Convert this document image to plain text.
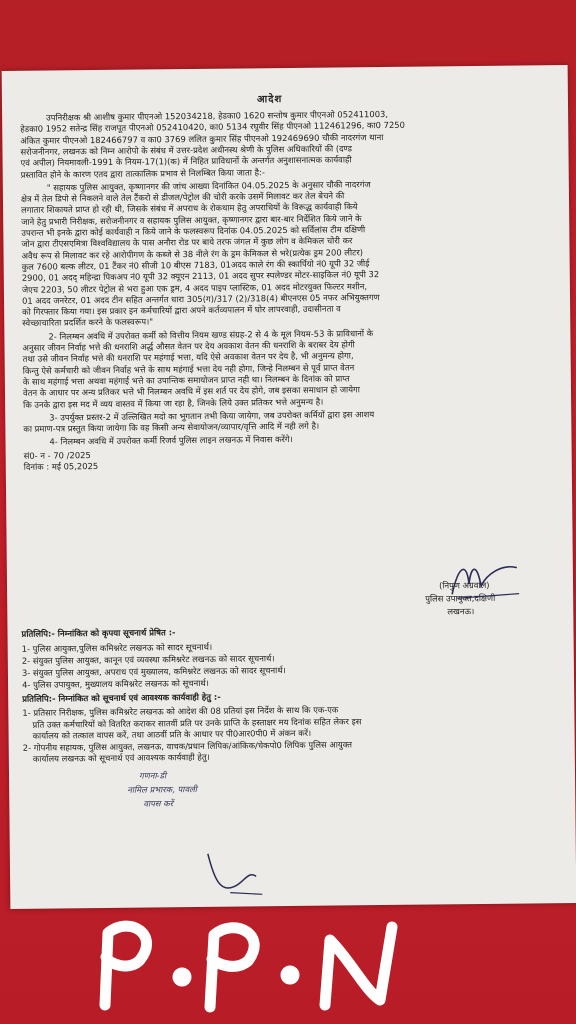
आदेश
उपनिरीक्षक श्री आशीष कुमार पीएनओ 152034218, हेडका0 1620 सन्तोष कुमार पीएनओ 052411003,
हेडका0 1952 सतेन्द्र सिंह राजपूत पीएनओ 052410420, का0 5134 रघुवीर सिंह पीएनओ 112461296, का0 7250
अंकित कुमार पीएनओ 182466797 व का0 3769 ललित कुमार सिंह पीएनओ 192469690 चौकी नादरगंज थाना
सरोजनीनगर, लखनऊ को निम्न आरोपो के संबंध में उत्तर-प्रदेश अधीनस्थ श्रेणी के पुलिस अधिकारियों की (दण्ड
एवं अपील) नियमावली-1991 के नियम-17(1)(क) में निहित प्राविधानों के अन्तर्गत अनुशासनात्मक कार्यवाही
प्रस्तावित होने के कारण एतद द्वारा तात्कालिक प्रभाव से निलम्बित किया जाता है:-
" सहायक पुलिस आयुक्त, कृष्णानगर की जांच आख्या दिनांकित 04.05.2025 के अनुसार चौकी नादरगंज
क्षेत्र में तेल डिपो से निकलने वाले तेल टैंकरो से डीजल/पेट्रोल की चोरी करके उसमें मिलावट कर तेल बेचने की
लगातार शिकायते प्राप्त हो रही थी, जिसके संबंध में अपराध के रोकथाम हेतु अपराधियों के विरूद्ध कार्यवाही किये
जाने हेतु प्रभारी निरीक्षक, सरोजनीनगर व सहायक पुलिस आयुक्त, कृष्णानगर द्वारा बार-बार निर्देशित किये जाने के
उपरान्त भी इनके द्वारा कोई कार्यवाही न किये जाने के फलस्वरूप दिनांक 04.05.2025 को सर्विलांस टीम दक्षिणी
जोन द्वारा टीएसएमित्रा विश्वविद्यालय के पास अनौरा रोड पर बाये तरफ जंगल में कुछ लोग व केमिकल चोरी कर
अवैध रूप से मिलावट कर रहे आरोपीगण के कब्जे से 38 नीले रंग के ड्रम केमिकल से भरे(प्रत्येक ड्रम 200 लीटर)
कुल 7600 बल्क लीटर, 01 टैंकर नं0 सीजी 10 बीएस 7183, 01अदद काले रंग की स्कार्पियो नं0 यूपी 32 जीई
2900, 01 अदद् महिन्द्रा पिकअप नं0 यूपी 32 क्यूएन 2113, 01 अदद सुपर स्पलेण्डर मोटर-साइकिल नं0 यूपी 32
जेएच 2203, 50 लीटर पेट्रोल से भरा हुआ एक ड्रम, 4 अदद पाइप प्लास्टिक, 01 अदद मोटरयुक्त फिल्टर मशीन,
01 अदद जनरेटर, 01 अदद टीन सहित अन्तर्गत धारा 305(ग)/317 (2)/318(4) बीएनएस 05 नफर अभियुक्तगण
को गिरफ्तार किया गया। इस प्रकार इन कर्मचारियों द्वारा अपने कर्तव्यपालन में घोर लापरवाही, उदासीनता व
स्वेच्छाचारिता प्रदर्शित करने के फलस्वरूप।"
2- निलम्बन अवधि में उपरोक्त कर्मी को वित्तीय नियम खण्ड संग्रह-2 से 4 के मूल नियम-53 के प्राविधानों के
अनुसार जीवन निर्वाह भत्ते की धनराशि अर्द्ध औसत वेतन पर देय अवकाश वेतन की धनराशि के बराबर देय होगी
तथा उसे जीवन निर्वाह भत्ते की धनराशि पर महंगाई भत्ता, यदि ऐसे अवकाश वेतन पर देय है, भी अनुमन्य होगा,
किन्तु ऐसे कर्मचारी को जीवन निर्वाह भत्ते के साथ महंगाई भत्ता देय नही होगा, जिन्हे निलम्बन से पूर्व प्राप्त वेतन
के साथ महंगाई भत्ता अथवा महंगाई भत्ते का उपान्तिक समायोजन प्राप्त नही था। निलम्बन के दिनांक को प्राप्त
वेतन के आधार पर अन्य प्रतिकर भत्ते भी निलम्बन अवधि में इस शर्त पर देय होगे, जब इसका समाधान हो जायेगा
कि उनके द्वारा इस मद में व्यय वास्तव में किया जा रहा है, जिनके लिये उक्त प्रतिकर भत्ते अनुमन्य है।
3- उपर्युक्त प्रस्तर-2 में उल्लिखित मदो का भुगतान तभी किया जायेगा, जब उपरोक्त कर्मियों द्वारा इस आशय
का प्रमाण-पत्र प्रस्तुत किया जायेगा कि वह किसी अन्य सेवायोजन/व्यापार/वृत्ति आदि में नही लगे है।
4- निलम्बन अवधि में उपरोक्त कर्मी रिजर्व पुलिस लाइन लखनऊ में निवास करेंगे।
सं0- न - 70 /2025
दिनांक : मई 05,2025
(निपुण अग्रवाल)
पुलिस उपायुक्त,दक्षिणी
लखनऊ।
प्रतिलिपि:- निम्नांकित को कृपया सूचनार्थ प्रेषित :-
1- पुलिस आयुक्त,पुलिस कमिश्नरेट लखनऊ को सादर सूचनार्थ।
2- संयुक्त पुलिस आयुक्त, कानून एवं व्यवस्था कमिश्नरेट लखनऊ को सादर सूचनार्थ।
3- संयुक्त पुलिस आयुक्त, अपराध एवं मुख्यालय, कमिश्नरेट लखनऊ को सादर सूचनार्थ।
4- पुलिस उपायुक्त, मुख्यालय कमिश्नरेट लखनऊ को सूचनार्थ।
प्रतिलिपि:- निम्नांकित को सूचनार्थ एवं आवश्यक कार्यवाही हेतु :-
1- प्रतिसार निरीक्षक, पुलिस कमिश्नरेट लखनऊ को आदेश की 08 प्रतियां इस निर्देश के साथ कि एक-एक
प्रति उक्त कर्मचारियों को वितरित कराकर सातवीं प्रति पर उनके प्राप्ति के हस्ताक्षर मय दिनांक सहित लेकर इस
कार्यालय को तत्काल वापस करें, तथा आठवीं प्रति के आधार पर पी0आर0पी0 में अंकन करें।
2- गोपनीय सहायक, पुलिस आयुक्त, लखनऊ, वाचक/प्रधान लिपिक/आंकिक/चेकपो0 लिपिक पुलिस आयुक्त
कार्यालय लखनऊ को सूचनार्थ एवं आवश्यक कार्यवाही हेतु।
गणना-डी
नामिल प्रभारक, पावली
वापस करें
